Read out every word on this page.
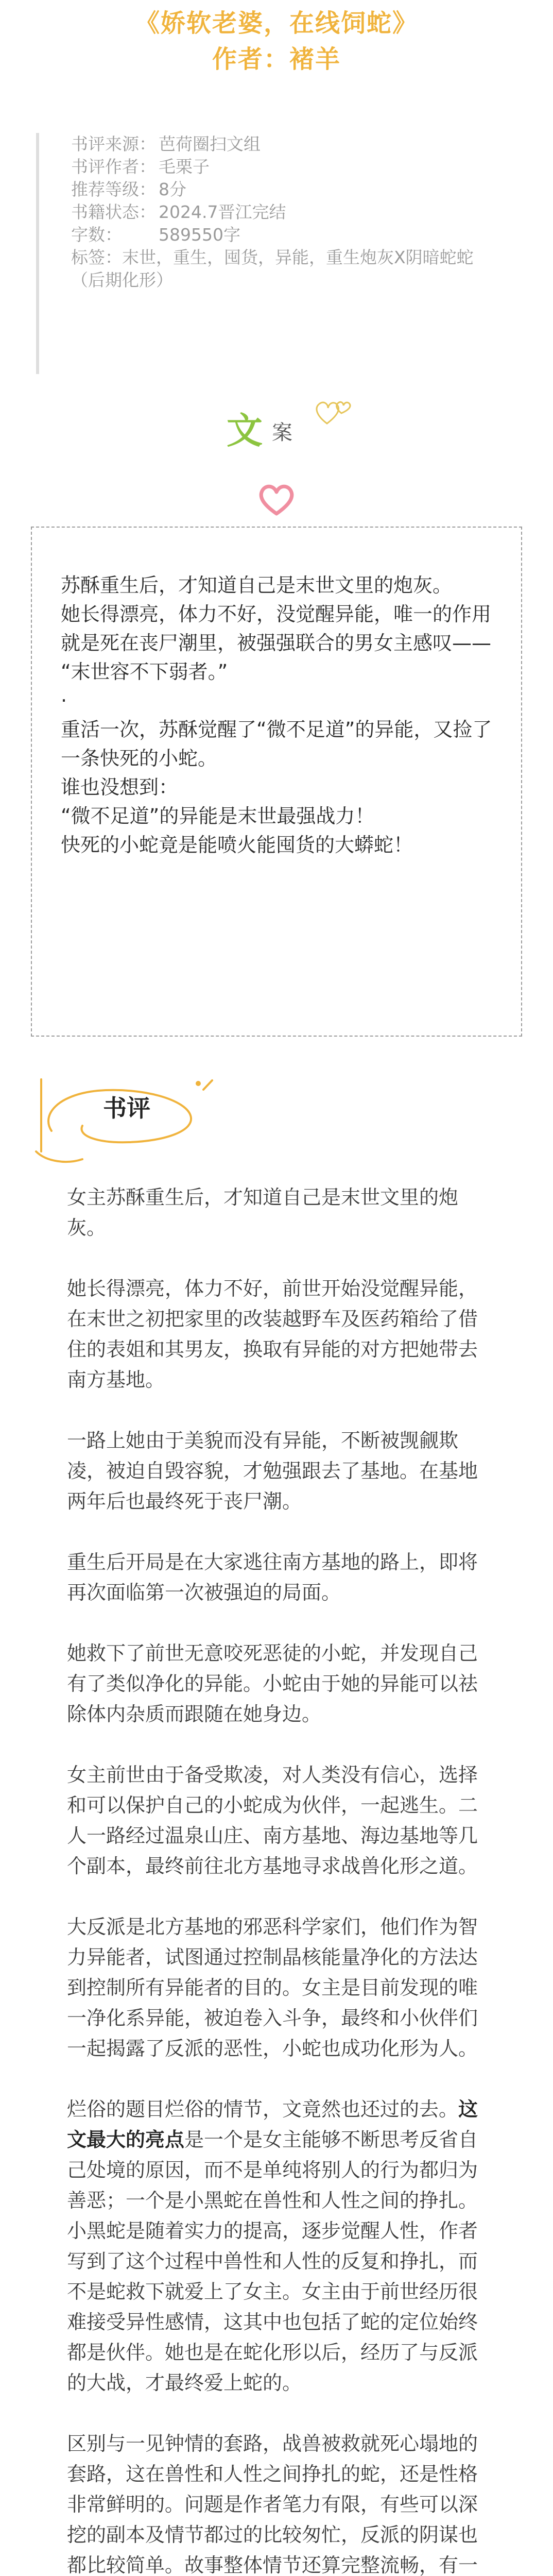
《娇软老婆，在线饲蛇》
作者：褚羊
书评来源： 芭荷圈扫文组
书评作者： 毛栗子
推荐等级： 8分
书籍状态： 2024.7晋江完结
字数： 589550字
标签：末世，重生，囤货，异能，重生炮灰X阴暗蛇蛇（后期化形）
文 案

苏酥重生后，才知道自己是末世文里的炮灰。

她长得漂亮，体力不好，没觉醒异能，唯一的作用就是死在丧尸潮里，被强强联合的男女主感叹——

“末世容不下弱者。”

·

重活一次，苏酥觉醒了“微不足道”的异能，又捡了一条快死的小蛇。

谁也没想到：

“微不足道”的异能是末世最强战力！

快死的小蛇竟是能喷火能囤货的大蟒蛇！

书评

女主苏酥重生后，才知道自己是末世文里的炮灰。

她长得漂亮，体力不好，前世开始没觉醒异能，在末世之初把家里的改装越野车及医药箱给了借住的表姐和其男友，换取有异能的对方把她带去南方基地。

一路上她由于美貌而没有异能，不断被觊觎欺凌，被迫自毁容貌，才勉强跟去了基地。在基地两年后也最终死于丧尸潮。

重生后开局是在大家逃往南方基地的路上，即将再次面临第一次被强迫的局面。

她救下了前世无意咬死恶徒的小蛇，并发现自己有了类似净化的异能。小蛇由于她的异能可以祛除体内杂质而跟随在她身边。

女主前世由于备受欺凌，对人类没有信心，选择和可以保护自己的小蛇成为伙伴，一起逃生。二人一路经过温泉山庄、南方基地、海边基地等几个副本，最终前往北方基地寻求战兽化形之道。

大反派是北方基地的邪恶科学家们，他们作为智力异能者，试图通过控制晶核能量净化的方法达到控制所有异能者的目的。女主是目前发现的唯一净化系异能，被迫卷入斗争，最终和小伙伴们一起揭露了反派的恶性，小蛇也成功化形为人。

烂俗的题目烂俗的情节，文竟然也还过的去。这文最大的亮点是一个是女主能够不断思考反省自己处境的原因，而不是单纯将别人的行为都归为善恶；一个是小黑蛇在兽性和人性之间的挣扎。小黑蛇是随着实力的提高，逐步觉醒人性，作者写到了这个过程中兽性和人性的反复和挣扎，而不是蛇救下就爱上了女主。女主由于前世经历很难接受异性感情，这其中也包括了蛇的定位始终都是伙伴。她也是在蛇化形以后，经历了与反派的大战，才最终爱上蛇的。

区别与一见钟情的套路，战兽被救就死心塌地的套路，这在兽性和人性之间挣扎的蛇，还是性格非常鲜明的。问题是作者笔力有限，有些可以深挖的副本及情节都过的比较匆忙，反派的阴谋也都比较简单。故事整体情节还算完整流畅，有一
